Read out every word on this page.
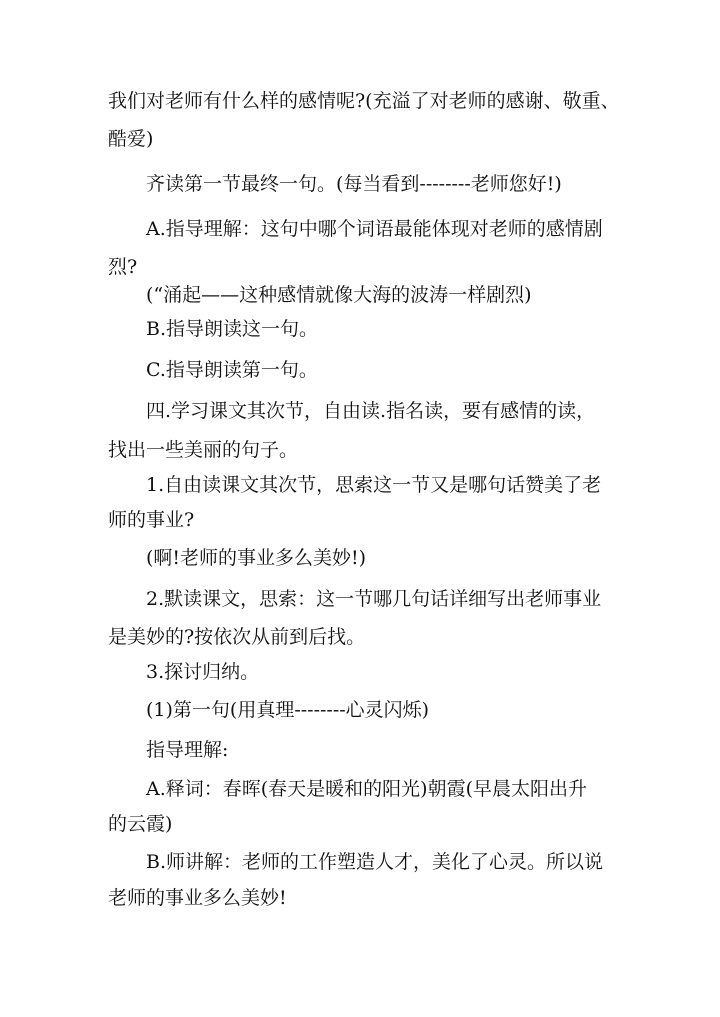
我们对老师有什么样的感情呢?(充溢了对老师的感谢、敬重、
酷爱)
齐读第一节最终一句。(每当看到--------老师您好!)
A.指导理解：这句中哪个词语最能体现对老师的感情剧
烈?
(“涌起——这种感情就像大海的波涛一样剧烈)
B.指导朗读这一句。
C.指导朗读第一句。
四.学习课文其次节，自由读.指名读，要有感情的读，
找出一些美丽的句子。
1.自由读课文其次节，思索这一节又是哪句话赞美了老
师的事业?
(啊!老师的事业多么美妙!)
2.默读课文，思索：这一节哪几句话详细写出老师事业
是美妙的?按依次从前到后找。
3.探讨归纳。
(1)第一句(用真理--------心灵闪烁)
指导理解:
A.释词：春晖(春天是暖和的阳光)朝霞(早晨太阳出升
的云霞)
B.师讲解：老师的工作塑造人才，美化了心灵。所以说
老师的事业多么美妙!
